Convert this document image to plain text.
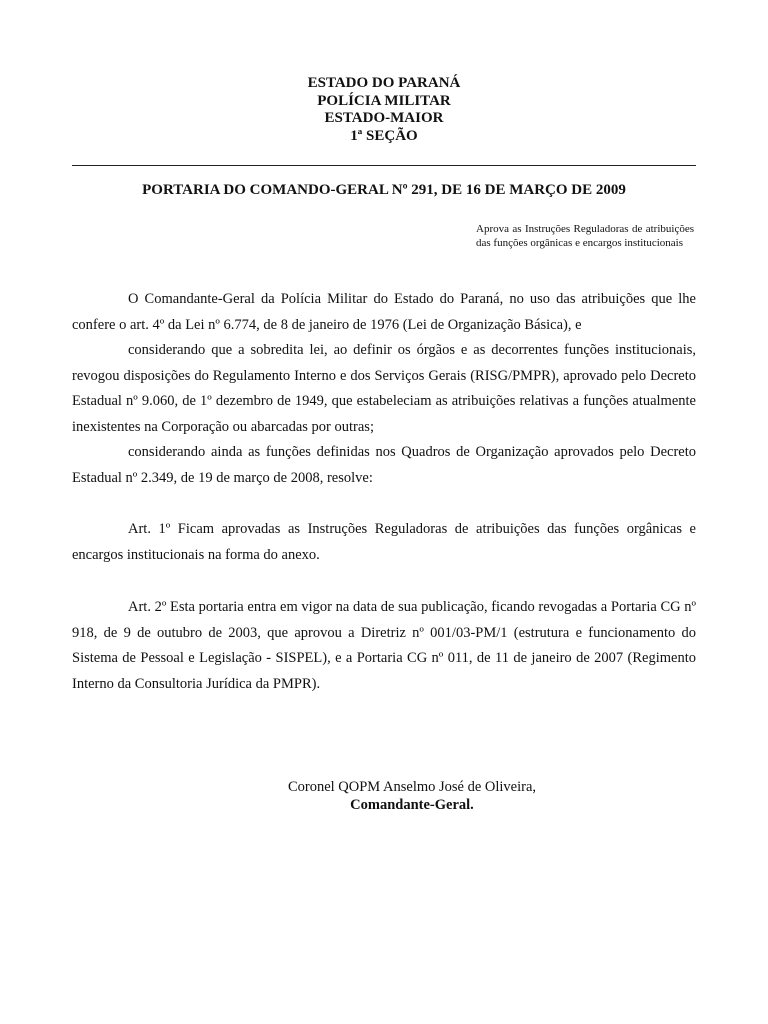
ESTADO DO PARANÁ
POLÍCIA MILITAR
ESTADO-MAIOR
1ª SEÇÃO
PORTARIA DO COMANDO-GERAL Nº 291, DE 16 DE MARÇO DE 2009
Aprova as Instruções Reguladoras de atribuições das funções orgânicas e encargos institucionais

O Comandante-Geral da Polícia Militar do Estado do Paraná, no uso das atribuições que lhe confere o art. 4º da Lei nº 6.774, de 8 de janeiro de 1976 (Lei de Organização Básica), e

considerando que a sobredita lei, ao definir os órgãos e as decorrentes funções institucionais, revogou disposições do Regulamento Interno e dos Serviços Gerais (RISG/PMPR), aprovado pelo Decreto Estadual nº 9.060, de 1º dezembro de 1949, que estabeleciam as atribuições relativas a funções atualmente inexistentes na Corporação ou abarcadas por outras;

considerando ainda as funções definidas nos Quadros de Organização aprovados pelo Decreto Estadual nº 2.349, de 19 de março de 2008, resolve:

Art. 1º Ficam aprovadas as Instruções Reguladoras de atribuições das funções orgânicas e encargos institucionais na forma do anexo.

Art. 2º Esta portaria entra em vigor na data de sua publicação, ficando revogadas a Portaria CG nº 918, de 9 de outubro de 2003, que aprovou a Diretriz nº 001/03-PM/1 (estrutura e funcionamento do Sistema de Pessoal e Legislação - SISPEL), e a Portaria CG nº 011, de 11 de janeiro de 2007 (Regimento Interno da Consultoria Jurídica da PMPR).

Coronel QOPM Anselmo José de Oliveira,
Comandante-Geral.
